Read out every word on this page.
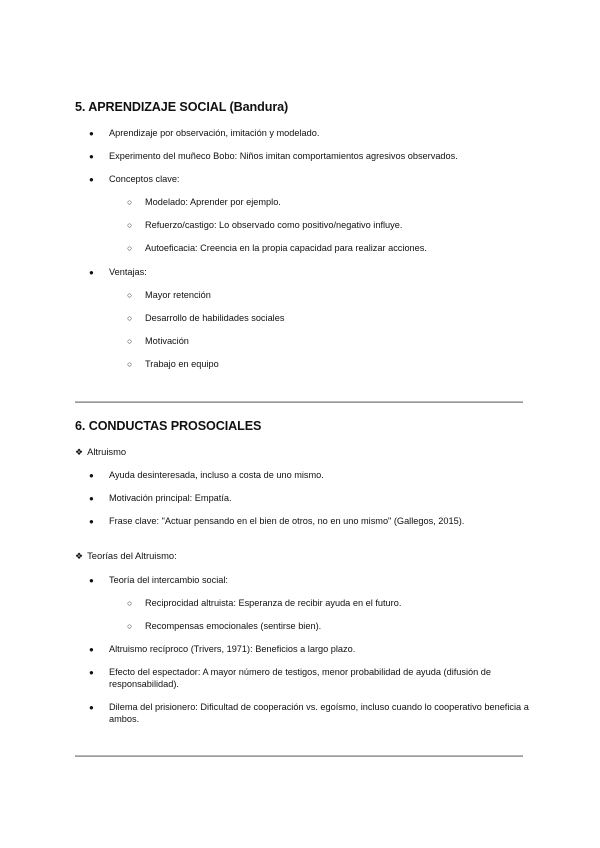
5. APRENDIZAJE SOCIAL (Bandura)
●
Aprendizaje por observación, imitación y modelado.
●
Experimento del muñeco Bobo: Niños imitan comportamientos agresivos observados.
●
Conceptos clave:
○
Modelado: Aprender por ejemplo.
○
Refuerzo/castigo: Lo observado como positivo/negativo influye.
○
Autoeficacia: Creencia en la propia capacidad para realizar acciones.
●
Ventajas:
○
Mayor retención
○
Desarrollo de habilidades sociales
○
Motivación
○
Trabajo en equipo
6. CONDUCTAS PROSOCIALES
❖ Altruismo
●
Ayuda desinteresada, incluso a costa de uno mismo.
●
Motivación principal: Empatía.
●
Frase clave: "Actuar pensando en el bien de otros, no en uno mismo" (Gallegos, 2015).
❖ Teorías del Altruismo:
●
Teoría del intercambio social:
○
Reciprocidad altruista: Esperanza de recibir ayuda en el futuro.
○
Recompensas emocionales (sentirse bien).
●
Altruismo recíproco (Trivers, 1971): Beneficios a largo plazo.
●
Efecto del espectador: A mayor número de testigos, menor probabilidad de ayuda (difusión de responsabilidad).
●
Dilema del prisionero: Dificultad de cooperación vs. egoísmo, incluso cuando lo cooperativo beneficia a ambos.
